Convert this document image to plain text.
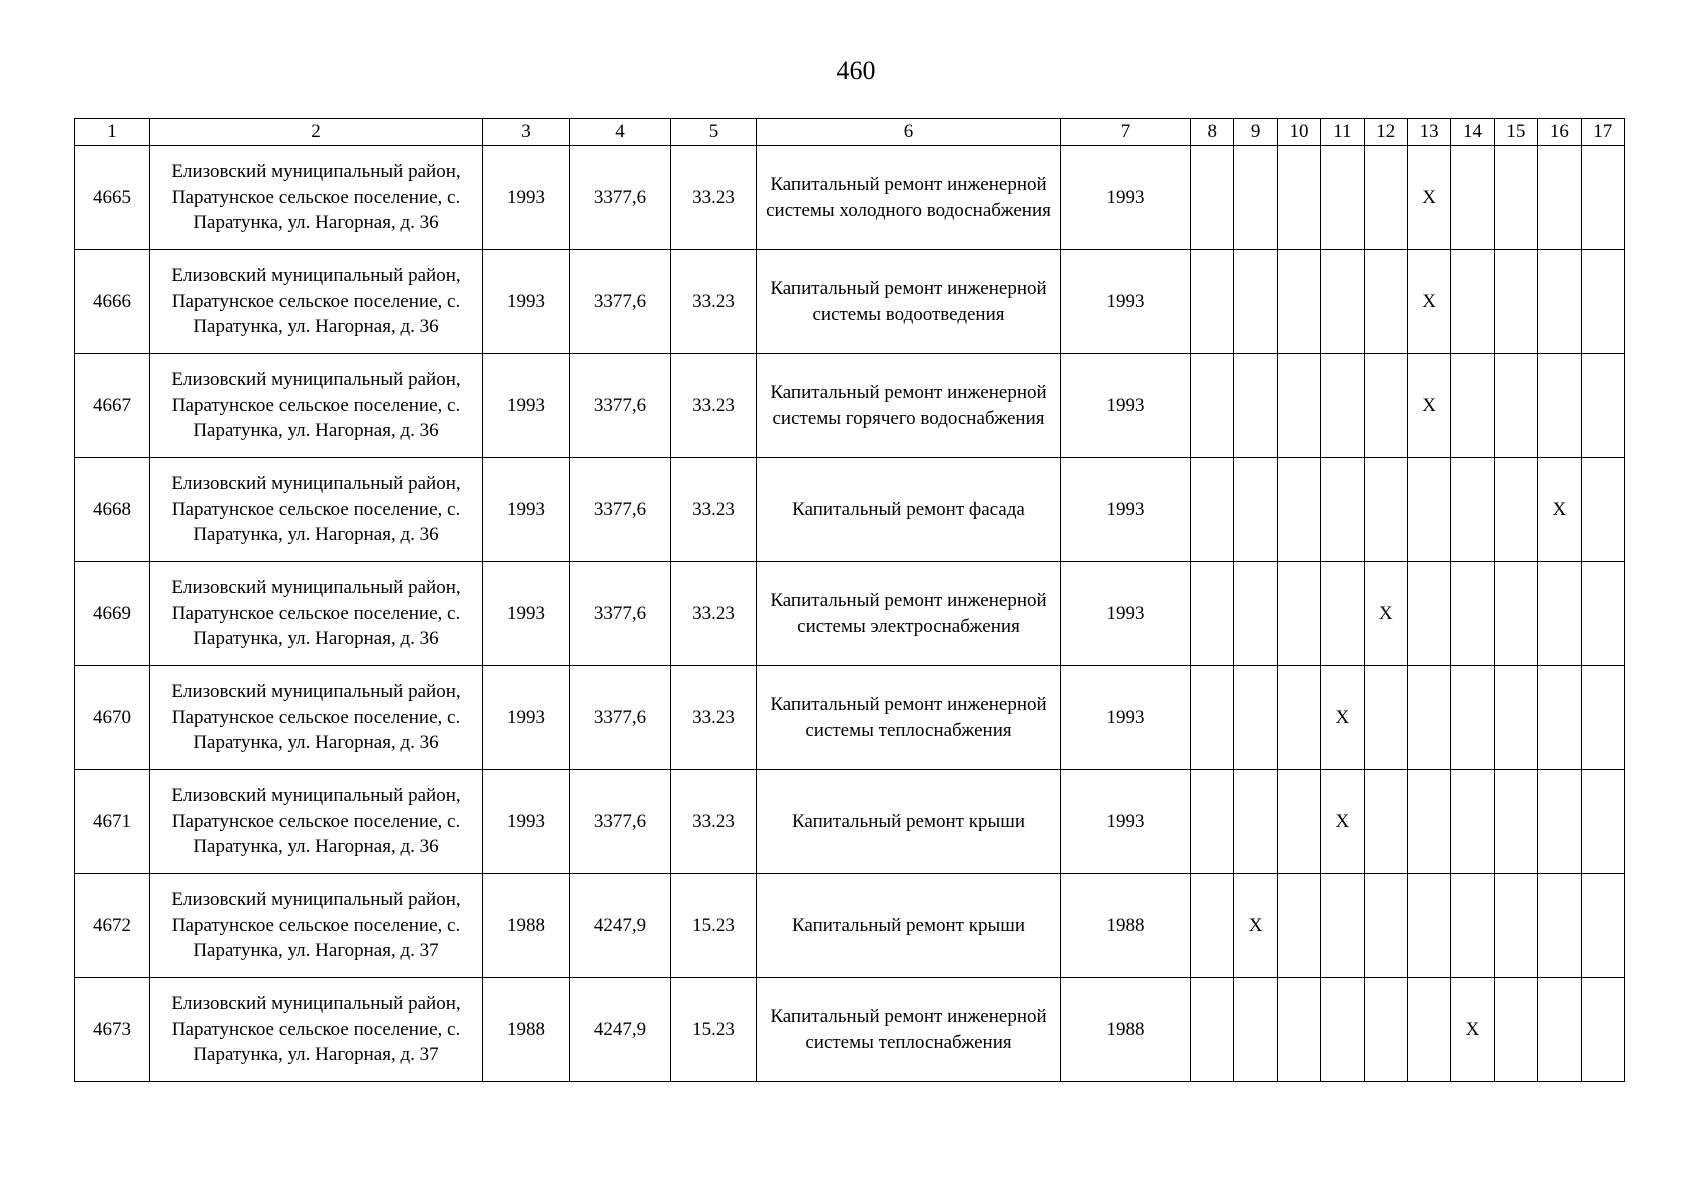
460
1	2	3	4	5	6	7	8	9	10	11	12	13	14	15	16	17
4665	Елизовский муниципальный район, Паратунское сельское поселение, с. Паратунка, ул. Нагорная, д. 36	1993	3377,6	33.23	Капитальный ремонт инженерной системы холодного водоснабжения	1993						X				
4666	Елизовский муниципальный район, Паратунское сельское поселение, с. Паратунка, ул. Нагорная, д. 36	1993	3377,6	33.23	Капитальный ремонт инженерной системы водоотведения	1993						X				
4667	Елизовский муниципальный район, Паратунское сельское поселение, с. Паратунка, ул. Нагорная, д. 36	1993	3377,6	33.23	Капитальный ремонт инженерной системы горячего водоснабжения	1993						X				
4668	Елизовский муниципальный район, Паратунское сельское поселение, с. Паратунка, ул. Нагорная, д. 36	1993	3377,6	33.23	Капитальный ремонт фасада	1993									X	
4669	Елизовский муниципальный район, Паратунское сельское поселение, с. Паратунка, ул. Нагорная, д. 36	1993	3377,6	33.23	Капитальный ремонт инженерной системы электроснабжения	1993					X					
4670	Елизовский муниципальный район, Паратунское сельское поселение, с. Паратунка, ул. Нагорная, д. 36	1993	3377,6	33.23	Капитальный ремонт инженерной системы теплоснабжения	1993				X						
4671	Елизовский муниципальный район, Паратунское сельское поселение, с. Паратунка, ул. Нагорная, д. 36	1993	3377,6	33.23	Капитальный ремонт крыши	1993				X						
4672	Елизовский муниципальный район, Паратунское сельское поселение, с. Паратунка, ул. Нагорная, д. 37	1988	4247,9	15.23	Капитальный ремонт крыши	1988		X								
4673	Елизовский муниципальный район, Паратунское сельское поселение, с. Паратунка, ул. Нагорная, д. 37	1988	4247,9	15.23	Капитальный ремонт инженерной системы теплоснабжения	1988							X			
